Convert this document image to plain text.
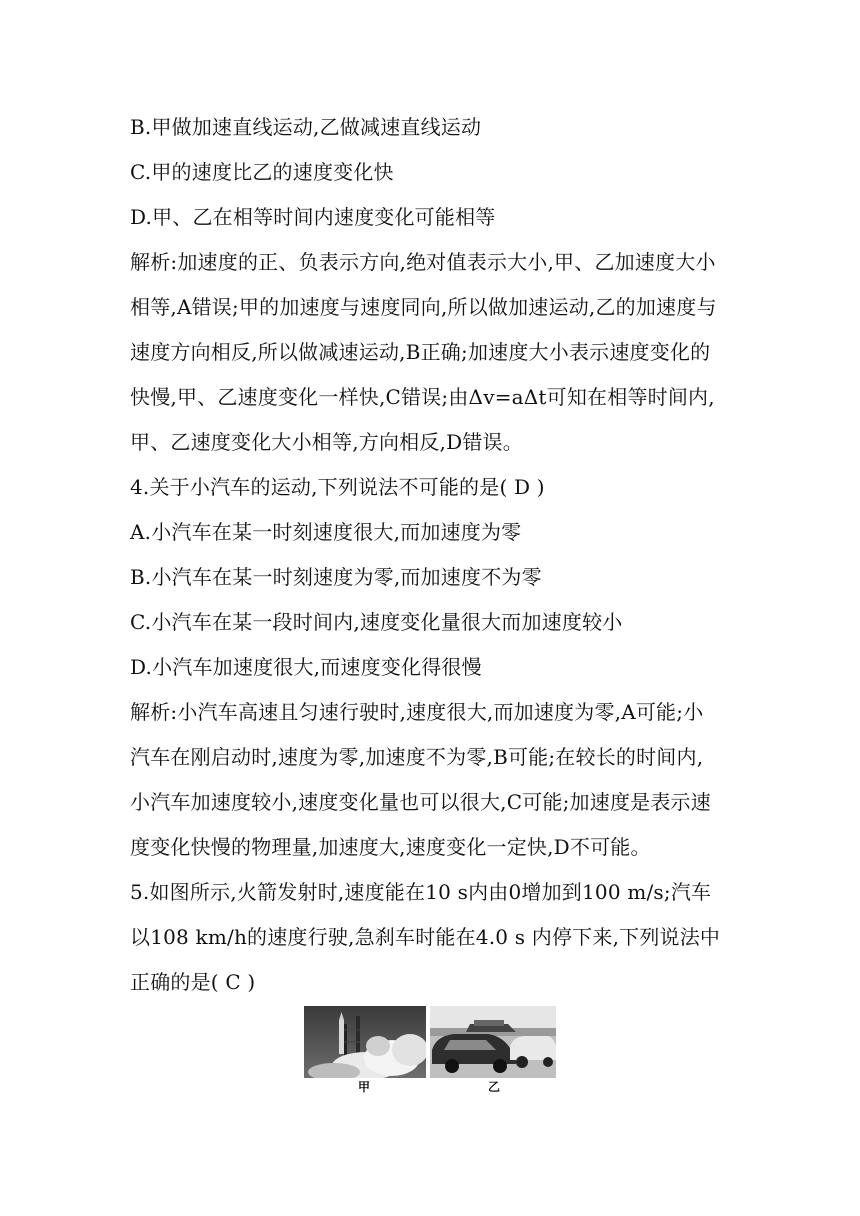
B.甲做加速直线运动,乙做减速直线运动
C.甲的速度比乙的速度变化快
D.甲、乙在相等时间内速度变化可能相等
解析:加速度的正、负表示方向,绝对值表示大小,甲、乙加速度大小
相等,A错误;甲的加速度与速度同向,所以做加速运动,乙的加速度与
速度方向相反,所以做减速运动,B正确;加速度大小表示速度变化的
快慢,甲、乙速度变化一样快,C错误;由Δv=aΔt可知在相等时间内,
甲、乙速度变化大小相等,方向相反,D错误。
4.关于小汽车的运动,下列说法不可能的是( D )
A.小汽车在某一时刻速度很大,而加速度为零
B.小汽车在某一时刻速度为零,而加速度不为零
C.小汽车在某一段时间内,速度变化量很大而加速度较小
D.小汽车加速度很大,而速度变化得很慢
解析:小汽车高速且匀速行驶时,速度很大,而加速度为零,A可能;小
汽车在刚启动时,速度为零,加速度不为零,B可能;在较长的时间内,
小汽车加速度较小,速度变化量也可以很大,C可能;加速度是表示速
度变化快慢的物理量,加速度大,速度变化一定快,D不可能。
5.如图所示,火箭发射时,速度能在10 s内由0增加到100 m/s;汽车
以108 km/h的速度行驶,急刹车时能在4.0 s 内停下来,下列说法中
正确的是( C )
甲	乙
